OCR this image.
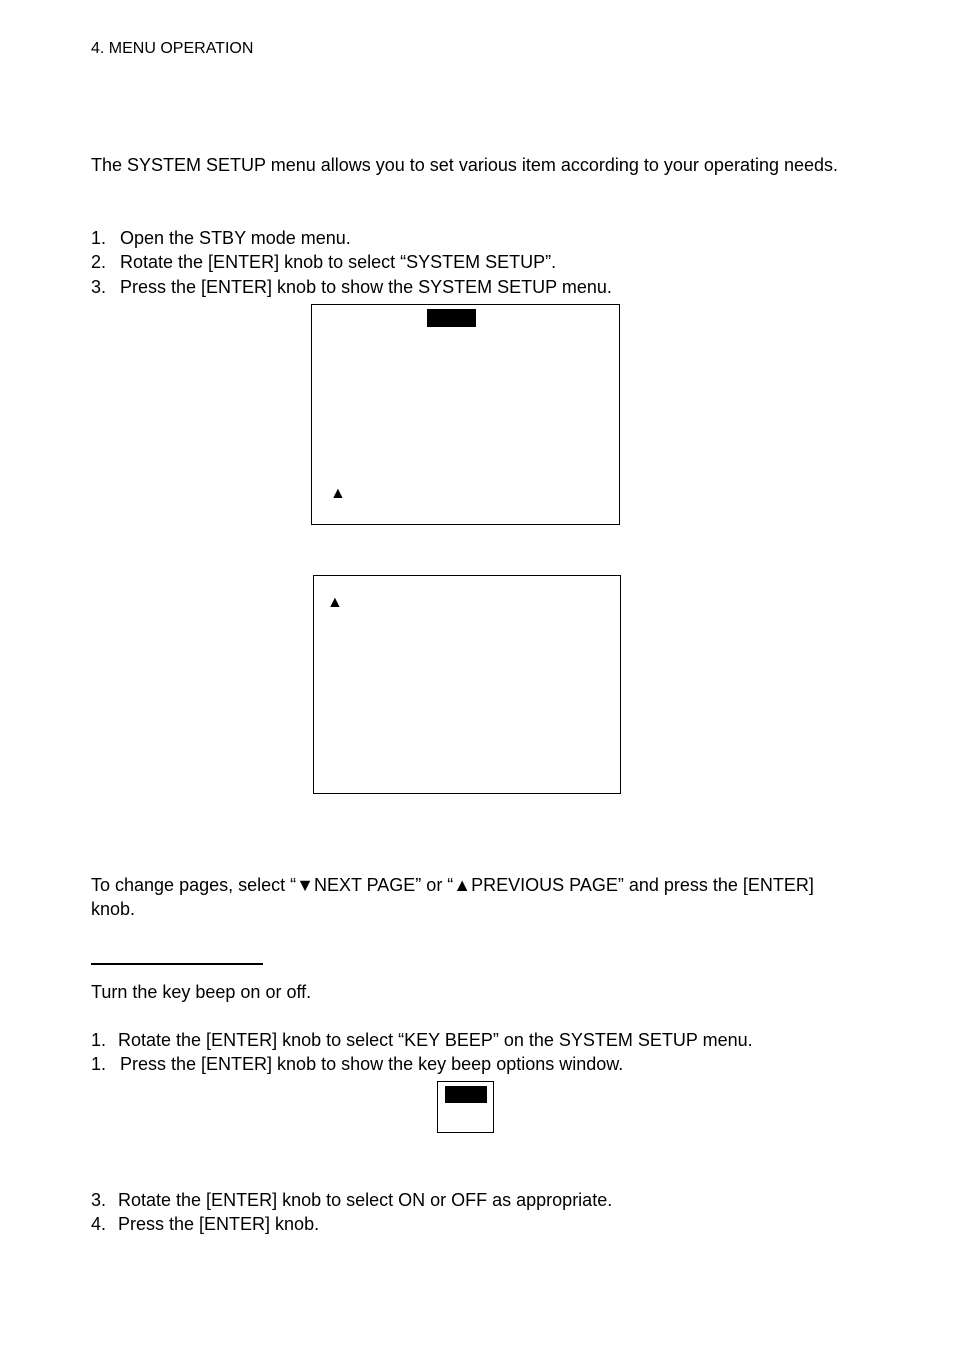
4. MENU OPERATION
The SYSTEM SETUP menu allows you to set various item according to your operating needs.
1. Open the STBY mode menu.
2. Rotate the [ENTER] knob to select “SYSTEM SETUP”.
3. Press the [ENTER] knob to show the SYSTEM SETUP menu.
▲
▲
To change pages, select “▼NEXT PAGE” or “▲PREVIOUS PAGE” and press the [ENTER] knob.
Turn the key beep on or off.
1. Rotate the [ENTER] knob to select “KEY BEEP” on the SYSTEM SETUP menu.
1. Press the [ENTER] knob to show the key beep options window.
3. Rotate the [ENTER] knob to select ON or OFF as appropriate.
4. Press the [ENTER] knob.
